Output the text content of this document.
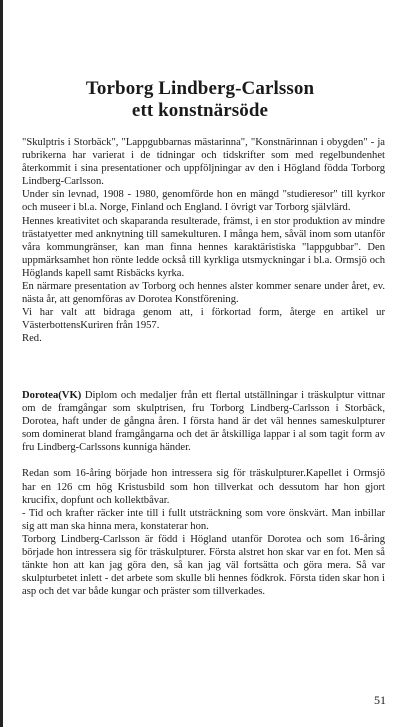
Torborg Lindberg-Carlsson

ett konstnärsöde

"Skulptris i Storbäck", "Lappgubbarnas mästarinna", "Konstnärinnan i obygden" - ja rubrikerna har varierat i de tidningar och tidskrifter som med regelbundenhet återkommit i sina presentationer och uppföljningar av den i Högland födda Torborg Lindberg-Carlsson.

Under sin levnad, 1908 - 1980, genomförde hon en mängd "studieresor" till kyrkor och museer i bl.a. Norge, Finland och England. I övrigt var Torborg självlärd.

Hennes kreativitet och skaparanda resulterade, främst, i en stor produktion av mindre trästatyetter med anknytning till samekulturen. I många hem, såväl inom som utanför våra kommungränser, kan man finna hennes karaktäristiska "lappgubbar". Den uppmärksamhet hon rönte ledde också till kyrkliga utsmyckningar i bl.a. Ormsjö och Höglands kapell samt Risbäcks kyrka.

En närmare presentation av Torborg och hennes alster kommer senare under året, ev. nästa år, att genomföras av Dorotea Konstförening.

Vi har valt att bidraga genom att, i förkortad form, återge en artikel ur VästerbottensKuriren från 1957.

Red.

Dorotea(VK) Diplom och medaljer från ett flertal utställningar i träskulptur vittnar om de framgångar som skulptrisen, fru Torborg Lindberg-Carlsson i Storbäck, Dorotea, haft under de gångna åren. I första hand är det väl hennes sameskulpturer som dominerat bland framgångarna och det är åtskilliga lappar i al som tagit form av fru Lindberg-Carlssons kunniga händer.

Redan som 16-åring började hon intressera sig för träskulpturer.Kapellet i Ormsjö har en 126 cm hög Kristusbild som hon tillverkat och dessutom har hon gjort krucifix, dopfunt och kollektbåvar.

- Tid och krafter räcker inte till i fullt utsträckning som vore önskvärt. Man inbillar sig att man ska hinna mera, konstaterar hon.

Torborg Lindberg-Carlsson är född i Högland utanför Dorotea och som 16-åring började hon intressera sig för träskulpturer. Första alstret hon skar var en fot. Men så tänkte hon att kan jag göra den, så kan jag väl fortsätta och göra mera. Så var skulpturbetet inlett - det arbete som skulle bli hennes födkrok. Första tiden skar hon i asp och det var både kungar och präster som tillverkades.

51
